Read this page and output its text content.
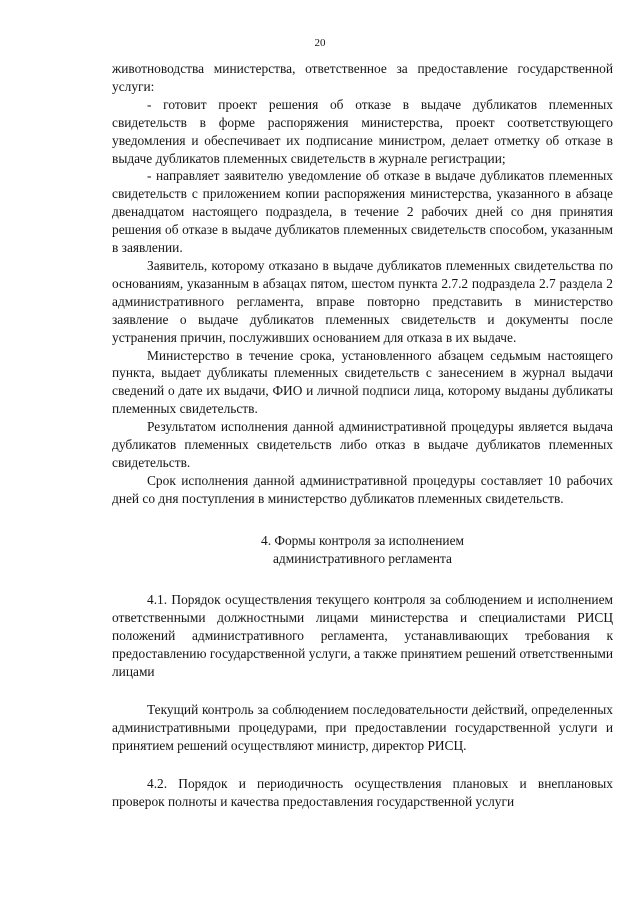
20

животноводства министерства, ответственное за предоставление государственной услуги:

- готовит проект решения об отказе в выдаче дубликатов племенных свидетельств в форме распоряжения министерства, проект соответствующего уведомления и обеспечивает их подписание министром, делает отметку об отказе в выдаче дубликатов племенных свидетельств в журнале регистрации;

- направляет заявителю уведомление об отказе в выдаче дубликатов племенных свидетельств с приложением копии распоряжения министерства, указанного в абзаце двенадцатом настоящего подраздела, в течение 2 рабочих дней со дня принятия решения об отказе в выдаче дубликатов племенных свидетельств способом, указанным в заявлении.

Заявитель, которому отказано в выдаче дубликатов племенных свидетельства по основаниям, указанным в абзацах пятом, шестом пункта 2.7.2 подраздела 2.7 раздела 2 административного регламента, вправе повторно представить в министерство заявление о выдаче дубликатов племенных свидетельств и документы после устранения причин, послуживших основанием для отказа в их выдаче.

Министерство в течение срока, установленного абзацем седьмым настоящего пункта, выдает дубликаты племенных свидетельств с занесением в журнал выдачи сведений о дате их выдачи, ФИО и личной подписи лица, которому выданы дубликаты племенных свидетельств.

Результатом исполнения данной административной процедуры является выдача дубликатов племенных свидетельств либо отказ в выдаче дубликатов племенных свидетельств.

Срок исполнения данной административной процедуры составляет 10 рабочих дней со дня поступления в министерство дубликатов племенных свидетельств.

4. Формы контроля за исполнением
административного регламента

4.1. Порядок осуществления текущего контроля за соблюдением и исполнением ответственными должностными лицами министерства и специалистами РИСЦ положений административного регламента, устанавливающих требования к предоставлению государственной услуги, а также принятием решений ответственными лицами

Текущий контроль за соблюдением последовательности действий, определенных административными процедурами, при предоставлении государственной услуги и принятием решений осуществляют министр, директор РИСЦ.

4.2. Порядок и периодичность осуществления плановых и внеплановых проверок полноты и качества предоставления государственной услуги
